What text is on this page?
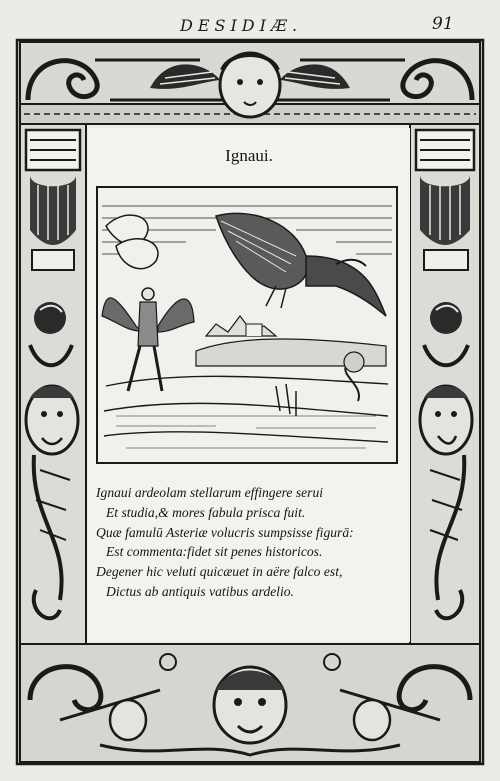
DESIDIÆ.	91
Ignaui.
Ignaui ardeolam stellarum effingere serui
Et studia,& mores fabula prisca fuit.
Quæ famulū Asteriæ volucris sumpsisse figurā:
Est commenta:fidet sit penes historicos.
Degener hic veluti quicæuet in aëre falco est,
Dictus ab antiquis vatibus ardelio.
